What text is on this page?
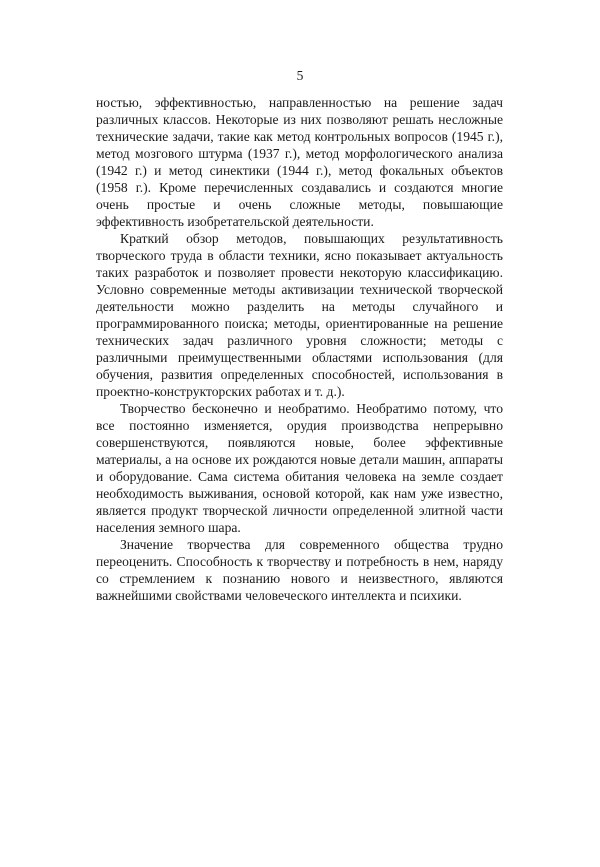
5

ностью, эффективностью, направленностью на решение задач различных классов. Некоторые из них позволяют решать несложные технические задачи, такие как метод контрольных вопросов (1945 г.), метод мозгового штурма (1937 г.), метод морфологического анализа (1942 г.) и метод синектики (1944 г.), метод фокальных объектов (1958 г.). Кроме перечисленных создавались и создаются многие очень простые и очень сложные методы, повышающие эффективность изобретательской деятельности.

Краткий обзор методов, повышающих результативность творческого труда в области техники, ясно показывает актуальность таких разработок и позволяет провести некоторую классификацию. Условно современные методы активизации технической творческой деятельности можно разделить на методы случайного и программированного поиска; методы, ориентированные на решение технических задач различного уровня сложности; методы с различными преимущественными областями использования (для обучения, развития определенных способностей, использования в проектно-конструкторских работах и т. д.).

Творчество бесконечно и необратимо. Необратимо потому, что все постоянно изменяется, орудия производства непрерывно совершенствуются, появляются новые, более эффективные материалы, а на основе их рождаются новые детали машин, аппараты и оборудование. Сама система обитания человека на земле создает необходимость выживания, основой которой, как нам уже известно, является продукт творческой личности определенной элитной части населения земного шара.

Значение творчества для современного общества трудно переоценить. Способность к творчеству и потребность в нем, наряду со стремлением к познанию нового и неизвестного, являются важнейшими свойствами человеческого интеллекта и психики.
